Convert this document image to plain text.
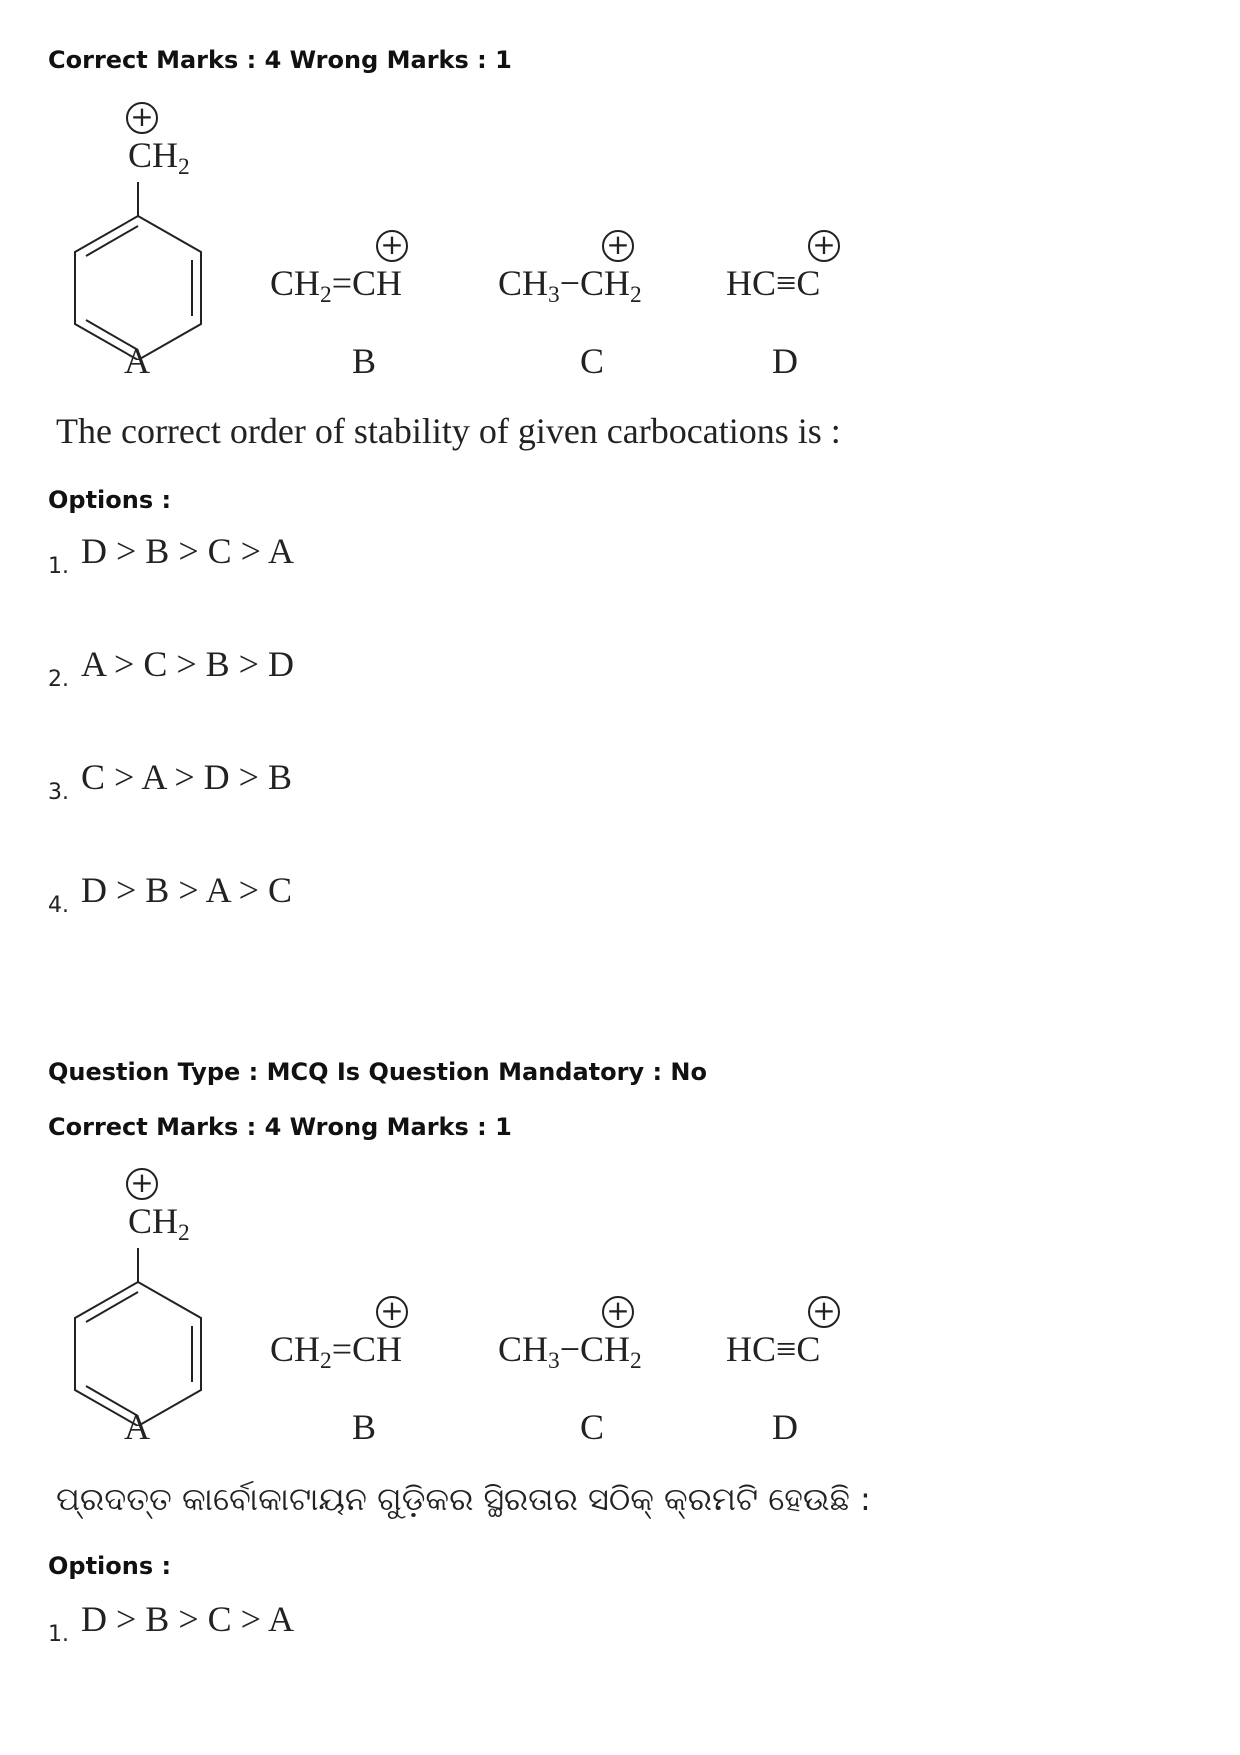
Correct Marks : 4 Wrong Marks : 1

+
$CH_2$
+
$CH_2=CH$
+
$CH_3-CH_2$
+
HC≡C
A	B	C	D

The correct order of stability of given carbocations is :

Options :

1. D > B > C > A
2. A > C > B > D
3. C > A > D > B
4. D > B > A > C

Question Type : MCQ Is Question Mandatory : No

Correct Marks : 4 Wrong Marks : 1

+
$CH_2$
+
$CH_2=CH$
+
$CH_3-CH_2$
+
HC≡C
A	B	C	D

ପ୍ରଦତ୍ତ କାର୍ବୋକାଟାୟନ ଗୁଡ଼ିକର ସ୍ଥିରତାର ସଠିକ୍ କ୍ରମଟି ହେଉଛି :

Options :

1. D > B > C > A
